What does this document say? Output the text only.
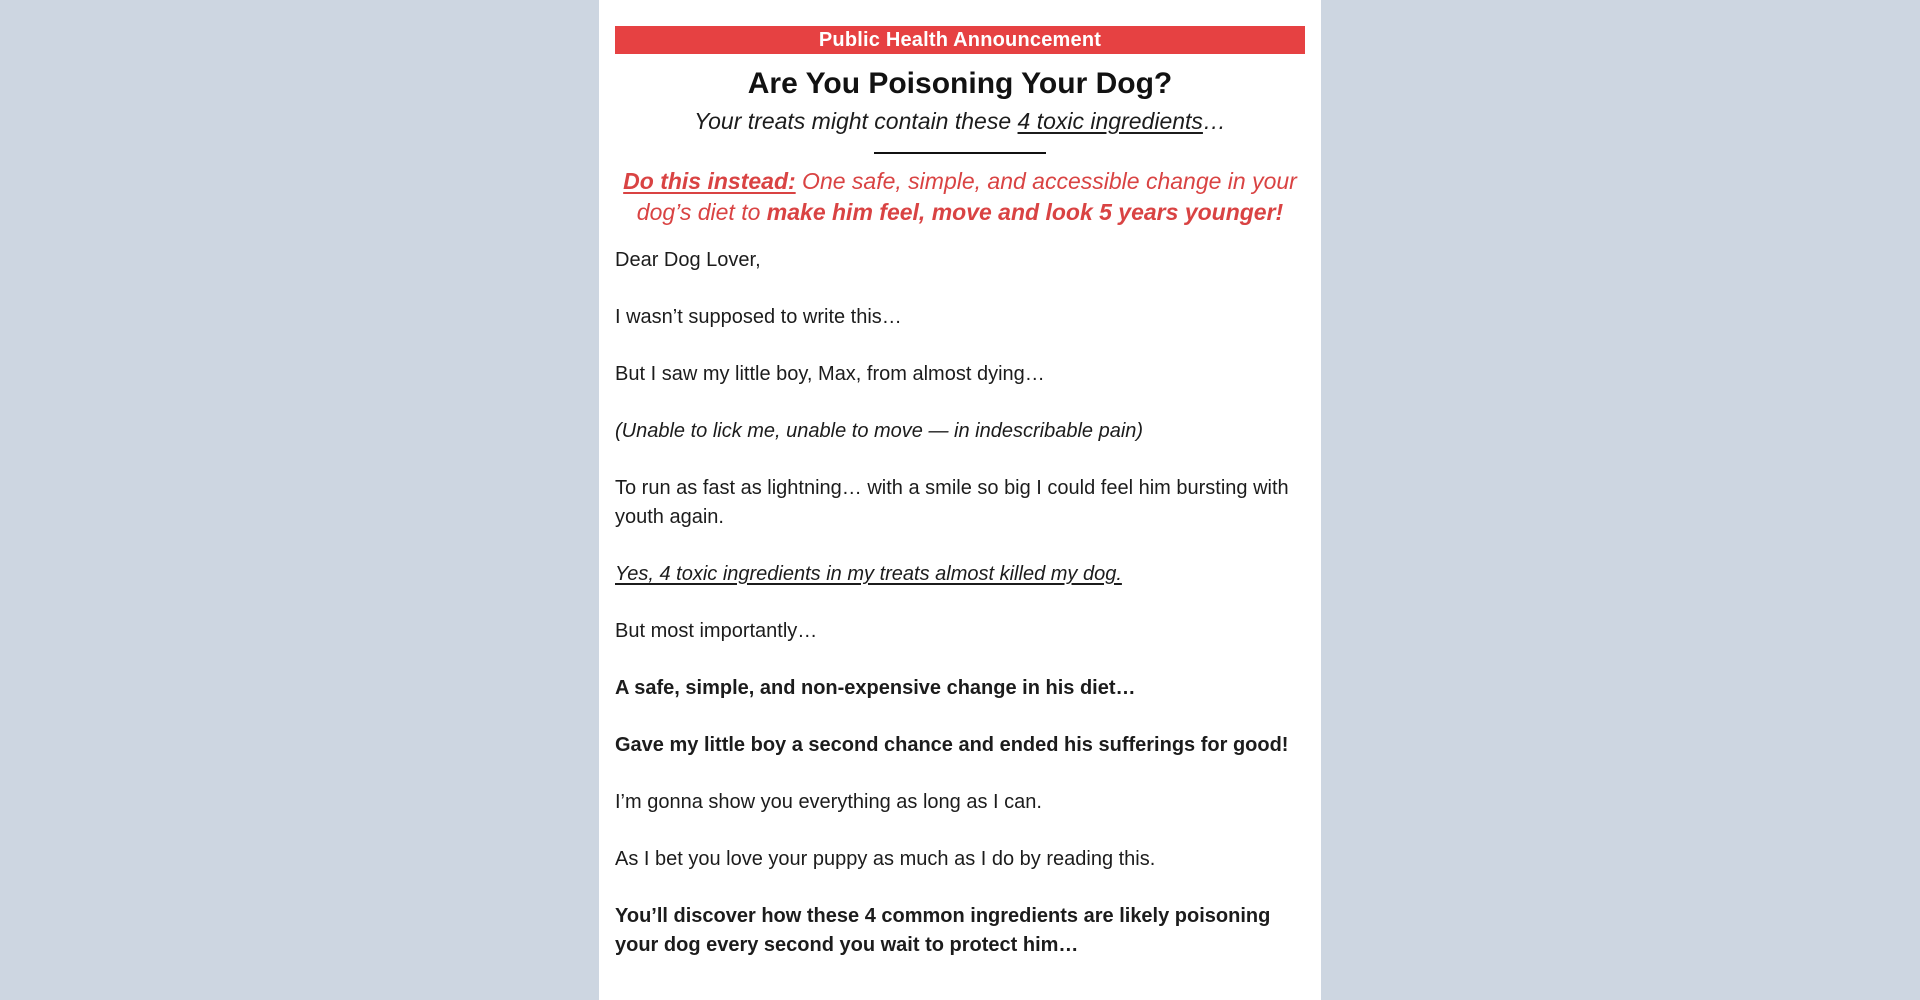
Public Health Announcement
Are You Poisoning Your Dog?
Your treats might contain these 4 toxic ingredients…
Do this instead: One safe, simple, and accessible change in your dog’s diet to make him feel, move and look 5 years younger!

Dear Dog Lover,

I wasn’t supposed to write this…

But I saw my little boy, Max, from almost dying…

(Unable to lick me, unable to move — in indescribable pain)

To run as fast as lightning… with a smile so big I could feel him bursting with youth again.

Yes, 4 toxic ingredients in my treats almost killed my dog.

But most importantly…

A safe, simple, and non-expensive change in his diet…

Gave my little boy a second chance and ended his sufferings for good!

I’m gonna show you everything as long as I can.

As I bet you love your puppy as much as I do by reading this.

You’ll discover how these 4 common ingredients are likely poisoning your dog every second you wait to protect him…
